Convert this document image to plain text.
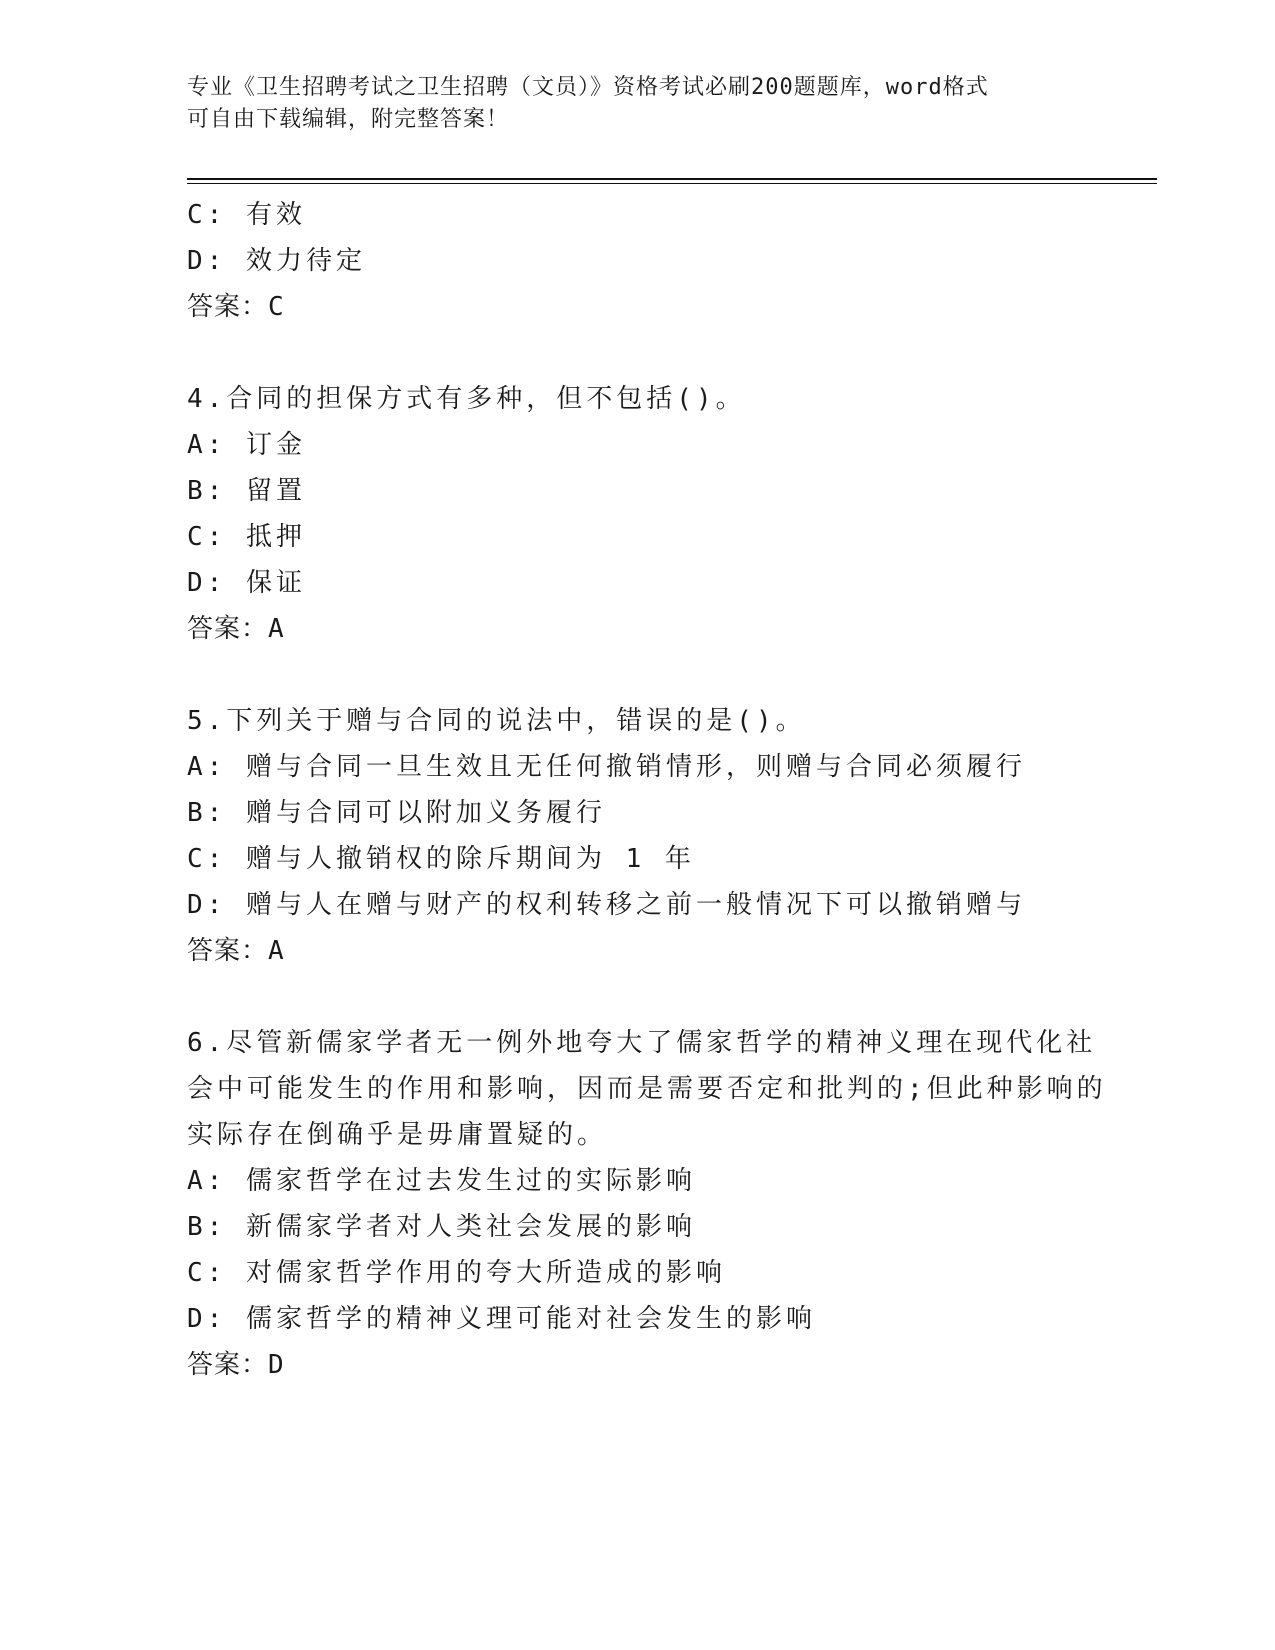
专业《卫生招聘考试之卫生招聘（文员）》资格考试必刷200题题库，word格式
可自由下载编辑，附完整答案！
C: 有效
D: 效力待定
答案：C
4.合同的担保方式有多种，但不包括()。
A: 订金
B: 留置
C: 抵押
D: 保证
答案：A
5.下列关于赠与合同的说法中，错误的是()。
A: 赠与合同一旦生效且无任何撤销情形，则赠与合同必须履行
B: 赠与合同可以附加义务履行
C: 赠与人撤销权的除斥期间为 1 年
D: 赠与人在赠与财产的权利转移之前一般情况下可以撤销赠与
答案：A
6.尽管新儒家学者无一例外地夸大了儒家哲学的精神义理在现代化社
会中可能发生的作用和影响，因而是需要否定和批判的;但此种影响的
实际存在倒确乎是毋庸置疑的。
A: 儒家哲学在过去发生过的实际影响
B: 新儒家学者对人类社会发展的影响
C: 对儒家哲学作用的夸大所造成的影响
D: 儒家哲学的精神义理可能对社会发生的影响
答案：D
